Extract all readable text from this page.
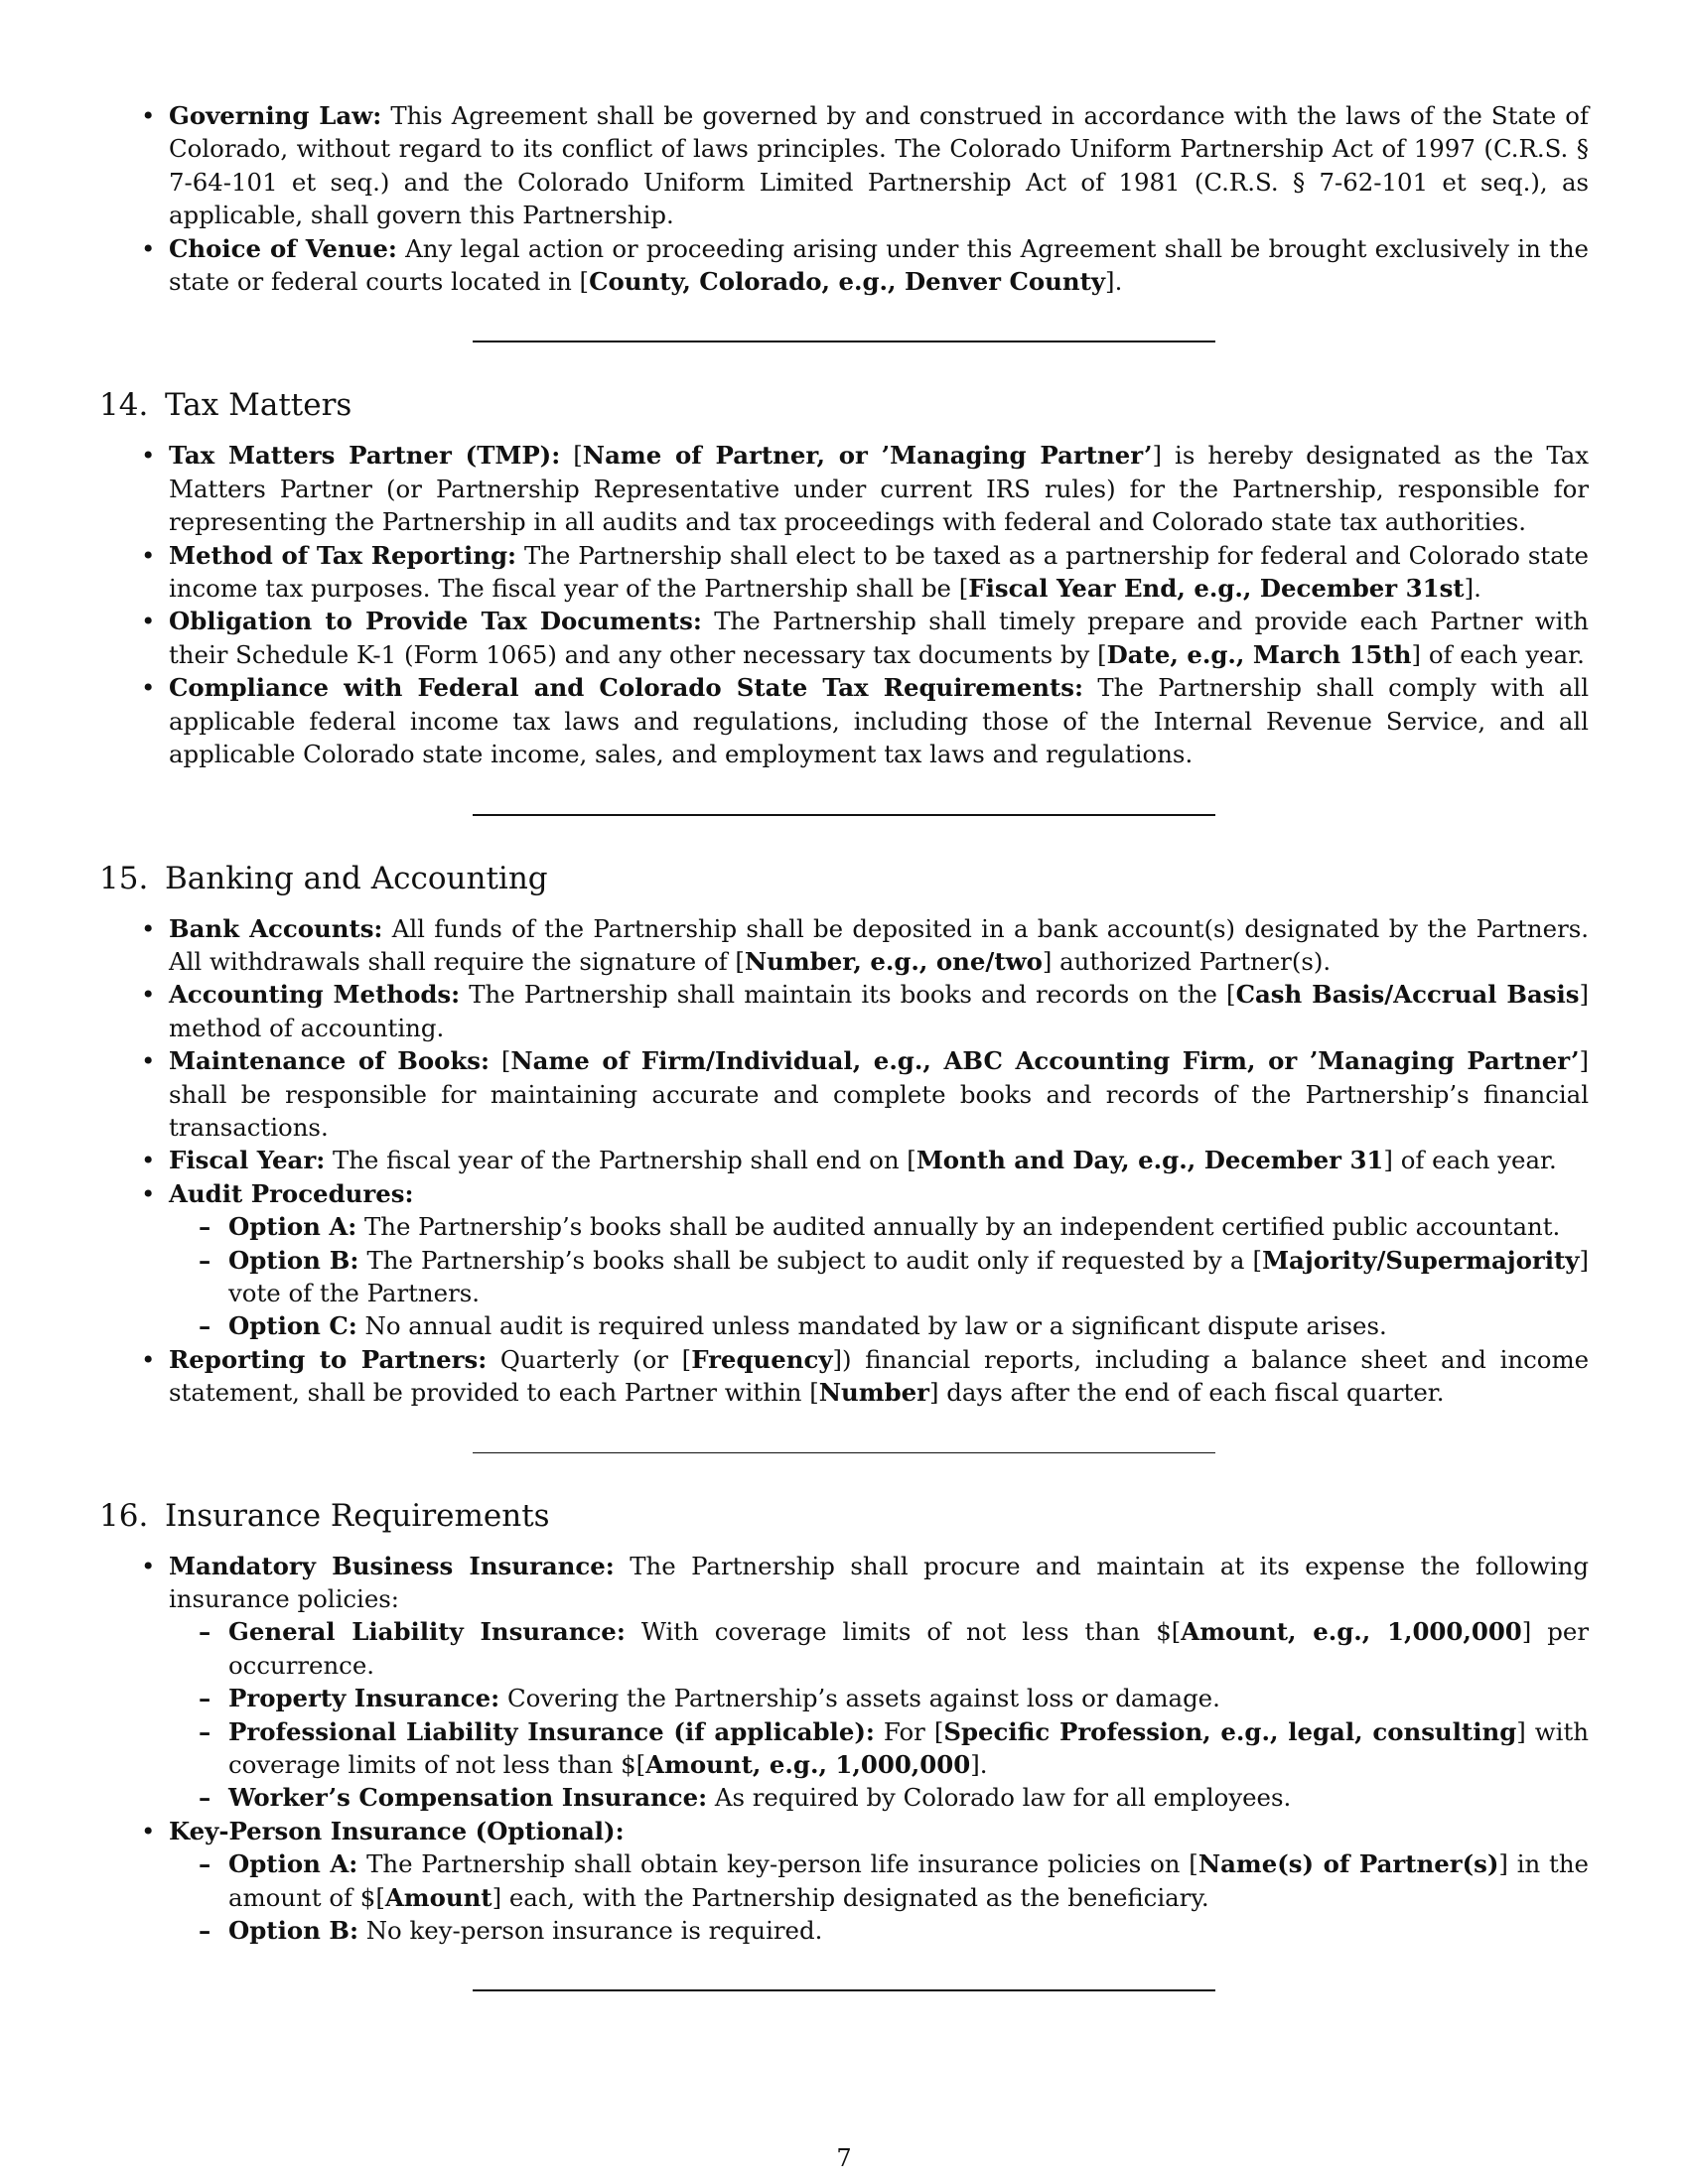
• Governing Law: This Agreement shall be governed by and construed in accordance with the laws of the State of Colorado, without regard to its conflict of laws principles. The Colorado Uniform Partnership Act of 1997 (C.R.S. § 7-64-101 et seq.) and the Colorado Uniform Limited Partnership Act of 1981 (C.R.S. § 7-62-101 et seq.), as applicable, shall govern this Partnership.
• Choice of Venue: Any legal action or proceeding arising under this Agreement shall be brought exclusively in the state or federal courts located in [County, Colorado, e.g., Denver County].
14. Tax Matters
• Tax Matters Partner (TMP): [Name of Partner, or ’Managing Partner’] is hereby designated as the Tax Matters Partner (or Partnership Representative under current IRS rules) for the Partnership, responsible for representing the Partnership in all audits and tax proceedings with federal and Colorado state tax authorities.
• Method of Tax Reporting: The Partnership shall elect to be taxed as a partnership for federal and Colorado state income tax purposes. The fiscal year of the Partnership shall be [Fiscal Year End, e.g., December 31st].
• Obligation to Provide Tax Documents: The Partnership shall timely prepare and provide each Partner with their Schedule K-1 (Form 1065) and any other necessary tax documents by [Date, e.g., March 15th] of each year.
• Compliance with Federal and Colorado State Tax Requirements: The Partnership shall comply with all applicable federal income tax laws and regulations, including those of the Internal Revenue Service, and all applicable Colorado state income, sales, and employment tax laws and regulations.
15. Banking and Accounting
• Bank Accounts: All funds of the Partnership shall be deposited in a bank account(s) designated by the Partners. All withdrawals shall require the signature of [Number, e.g., one/two] authorized Partner(s).
• Accounting Methods: The Partnership shall maintain its books and records on the [Cash Basis/Accrual Basis] method of accounting.
• Maintenance of Books: [Name of Firm/Individual, e.g., ABC Accounting Firm, or ’Managing Partner’] shall be responsible for maintaining accurate and complete books and records of the Partnership’s financial transactions.
• Fiscal Year: The fiscal year of the Partnership shall end on [Month and Day, e.g., December 31] of each year.
• Audit Procedures:
– Option A: The Partnership’s books shall be audited annually by an independent certified public accountant.
– Option B: The Partnership’s books shall be subject to audit only if requested by a [Majority/Supermajority] vote of the Partners.
– Option C: No annual audit is required unless mandated by law or a significant dispute arises.
• Reporting to Partners: Quarterly (or [Frequency]) financial reports, including a balance sheet and income statement, shall be provided to each Partner within [Number] days after the end of each fiscal quarter.
16. Insurance Requirements
• Mandatory Business Insurance: The Partnership shall procure and maintain at its expense the following insurance policies:
– General Liability Insurance: With coverage limits of not less than $[Amount, e.g., 1,000,000] per occurrence.
– Property Insurance: Covering the Partnership’s assets against loss or damage.
– Professional Liability Insurance (if applicable): For [Specific Profession, e.g., legal, consulting] with coverage limits of not less than $[Amount, e.g., 1,000,000].
– Worker’s Compensation Insurance: As required by Colorado law for all employees.
• Key-Person Insurance (Optional):
– Option A: The Partnership shall obtain key-person life insurance policies on [Name(s) of Partner(s)] in the amount of $[Amount] each, with the Partnership designated as the beneficiary.
– Option B: No key-person insurance is required.
7
